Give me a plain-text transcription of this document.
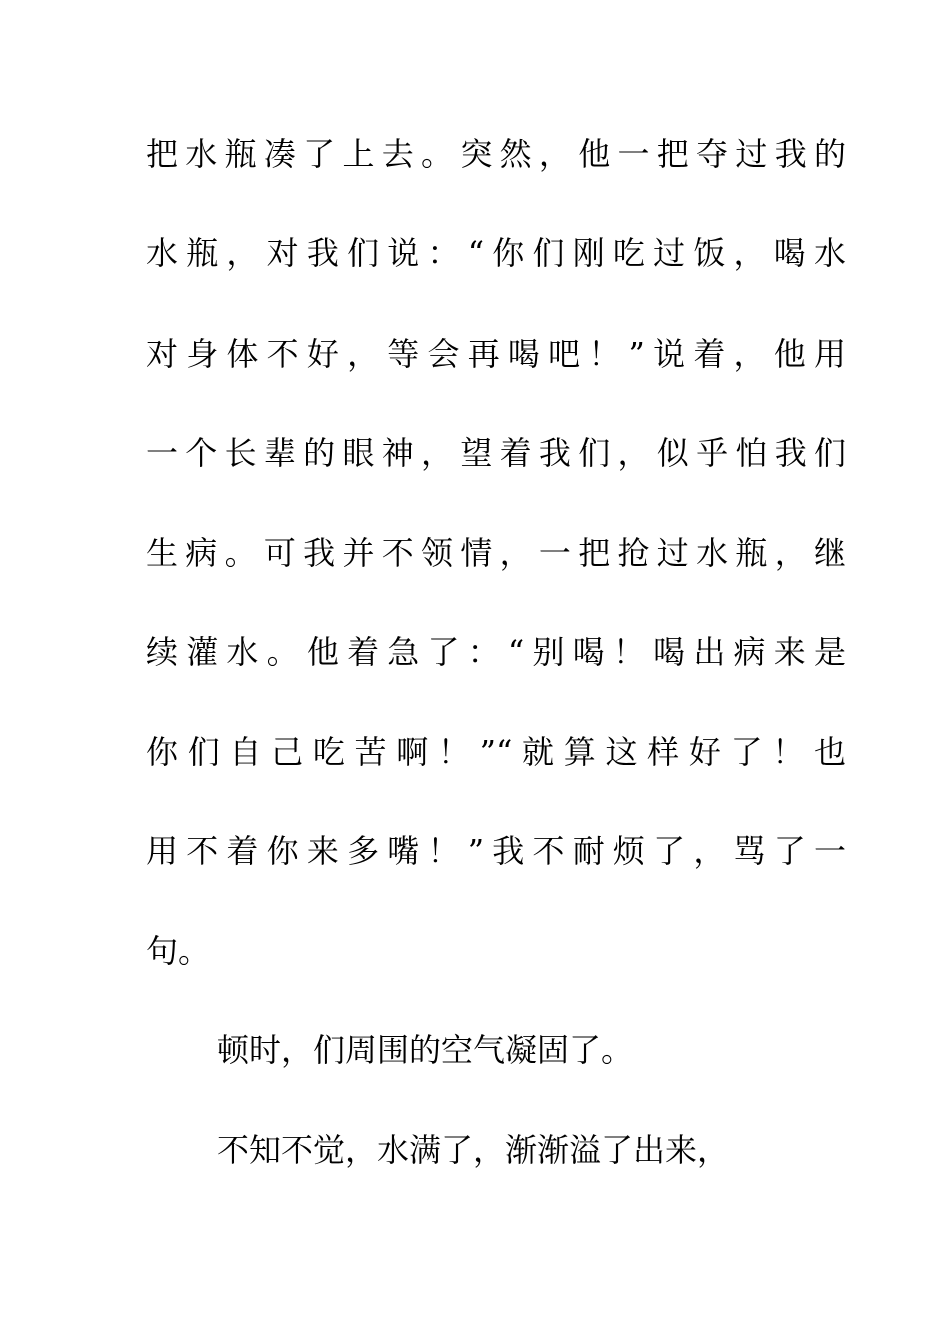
把水瓶凑了上去。突然，他一把夺过我的
水瓶，对我们说：“你们刚吃过饭，喝水
对身体不好，等会再喝吧！”说着，他用
一个长辈的眼神，望着我们，似乎怕我们
生病。可我并不领情，一把抢过水瓶，继
续灌水。他着急了：“别喝！喝出病来是
你们自己吃苦啊！”“就算这样好了！也
用不着你来多嘴！”我不耐烦了，骂了一
句。
顿时，们周围的空气凝固了。
不知不觉，水满了，渐渐溢了出来，
